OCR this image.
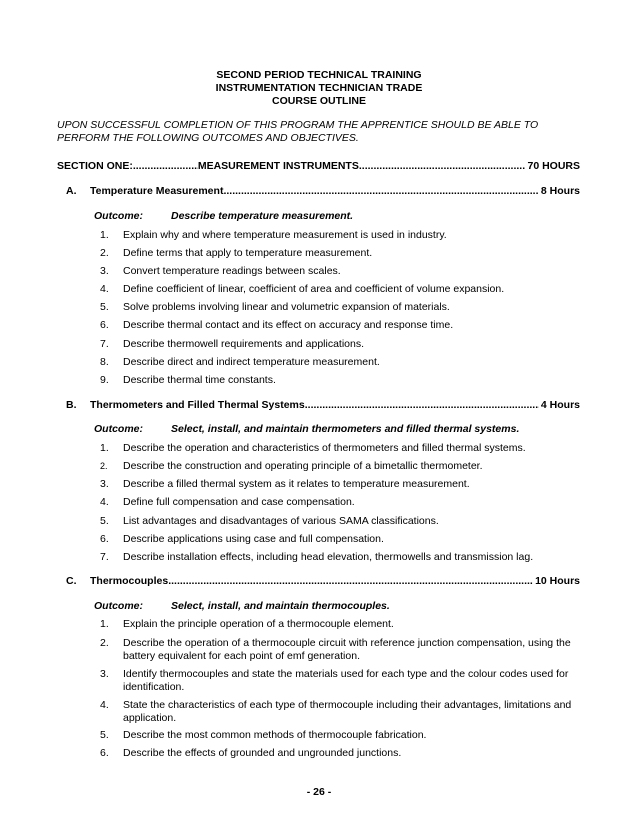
SECOND PERIOD TECHNICAL TRAINING
INSTRUMENTATION TECHNICIAN TRADE
COURSE OUTLINE
UPON SUCCESSFUL COMPLETION OF THIS PROGRAM THE APPRENTICE SHOULD BE ABLE TO PERFORM THE FOLLOWING OUTCOMES AND OBJECTIVES.
SECTION ONE: .....	MEASUREMENT INSTRUMENTS .....	70 HOURS
A. Temperature Measurement .....	8 Hours
Outcome:	Describe temperature measurement.
1.	Explain why and where temperature measurement is used in industry.
2.	Define terms that apply to temperature measurement.
3.	Convert temperature readings between scales.
4.	Define coefficient of linear, coefficient of area and coefficient of volume expansion.
5.	Solve problems involving linear and volumetric expansion of materials.
6.	Describe thermal contact and its effect on accuracy and response time.
7.	Describe thermowell requirements and applications.
8.	Describe direct and indirect temperature measurement.
9.	Describe thermal time constants.
B. Thermometers and Filled Thermal Systems .....	4 Hours
Outcome:	Select, install, and maintain thermometers and filled thermal systems.
1.	Describe the operation and characteristics of thermometers and filled thermal systems.
2.	Describe the construction and operating principle of a bimetallic thermometer.
3.	Describe a filled thermal system as it relates to temperature measurement.
4.	Define full compensation and case compensation.
5.	List advantages and disadvantages of various SAMA classifications.
6.	Describe applications using case and full compensation.
7.	Describe installation effects, including head elevation, thermowells and transmission lag.
C. Thermocouples .....	10 Hours
Outcome:	Select, install, and maintain thermocouples.
1.	Explain the principle operation of a thermocouple element.
2.	Describe the operation of a thermocouple circuit with reference junction compensation, using the battery equivalent for each point of emf generation.
3.	Identify thermocouples and state the materials used for each type and the colour codes used for identification.
4.	State the characteristics of each type of thermocouple including their advantages, limitations and application.
5.	Describe the most common methods of thermocouple fabrication.
6.	Describe the effects of grounded and ungrounded junctions.
- 26 -
